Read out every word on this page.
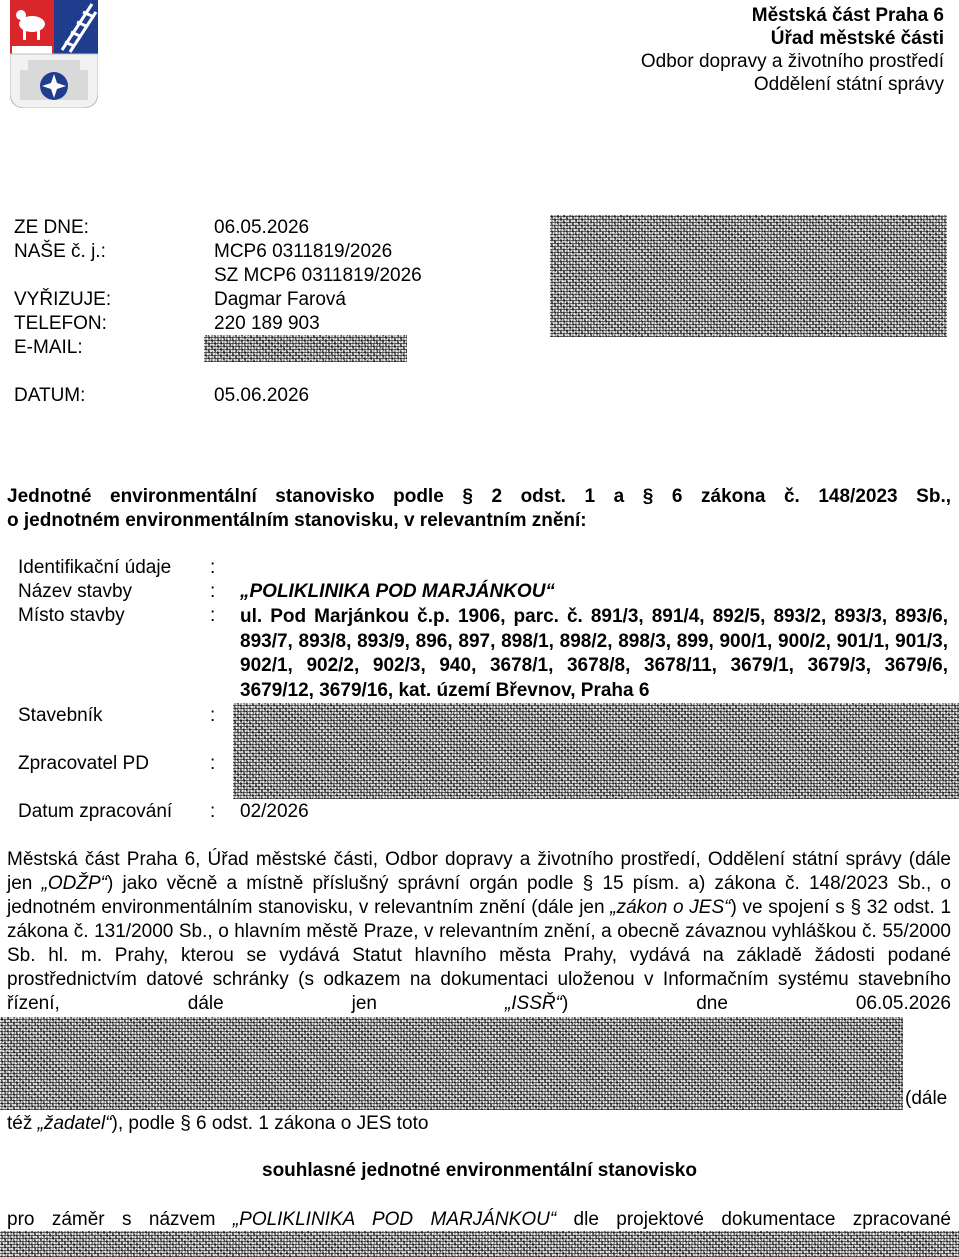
Městská část Praha 6
Úřad městské části
Odbor dopravy a životního prostředí
Oddělení státní správy
ZE DNE:	06.05.2026
NAŠE č. j.:	MCP6 0311819/2026
SZ MCP6 0311819/2026
VYŘIZUJE:	Dagmar Farová
TELEFON:	220 189 903
E-MAIL:
DATUM:	05.06.2026
Jednotné environmentální stanovisko podle § 2 odst. 1 a § 6 zákona č. 148/2023 Sb.,
o jednotném environmentálním stanovisku, v relevantním znění:
Identifikační údaje	:
Název stavby	: „POLIKLINIKA POD MARJÁNKOU“
Místo stavby	: ul. Pod Marjánkou č.p. 1906, parc. č. 891/3, 891/4, 892/5, 893/2, 893/3, 893/6, 893/7, 893/8, 893/9, 896, 897, 898/1, 898/2, 898/3, 899, 900/1, 900/2, 901/1, 901/3, 902/1, 902/2, 902/3, 940, 3678/1, 3678/8, 3678/11, 3679/1, 3679/3, 3679/6, 3679/12, 3679/16, kat. území Břevnov, Praha 6
Stavebník	:
Zpracovatel PD	:
Datum zpracování	: 02/2026
Městská část Praha 6, Úřad městské části, Odbor dopravy a životního prostředí, Oddělení státní správy (dále jen „ODŽP“) jako věcně a místně příslušný správní orgán podle § 15 písm. a) zákona č. 148/2023 Sb., o jednotném environmentálním stanovisku, v relevantním znění (dále jen „zákon o JES“) ve spojení s § 32 odst. 1 zákona č. 131/2000 Sb., o hlavním městě Praze, v relevantním znění, a obecně závaznou vyhláškou č. 55/2000 Sb. hl. m. Prahy, kterou se vydává Statut hlavního města Prahy, vydává na základě žádosti podané prostřednictvím datové schránky (s odkazem na dokumentaci uloženou v Informačním systému stavebního řízení, dále jen „ISSŘ“) dne 06.05.2026
(dále
též „žadatel“), podle § 6 odst. 1 zákona o JES toto
souhlasné jednotné environmentální stanovisko
pro záměr s názvem „POLIKLINIKA POD MARJÁNKOU“ dle projektové dokumentace zpracované
